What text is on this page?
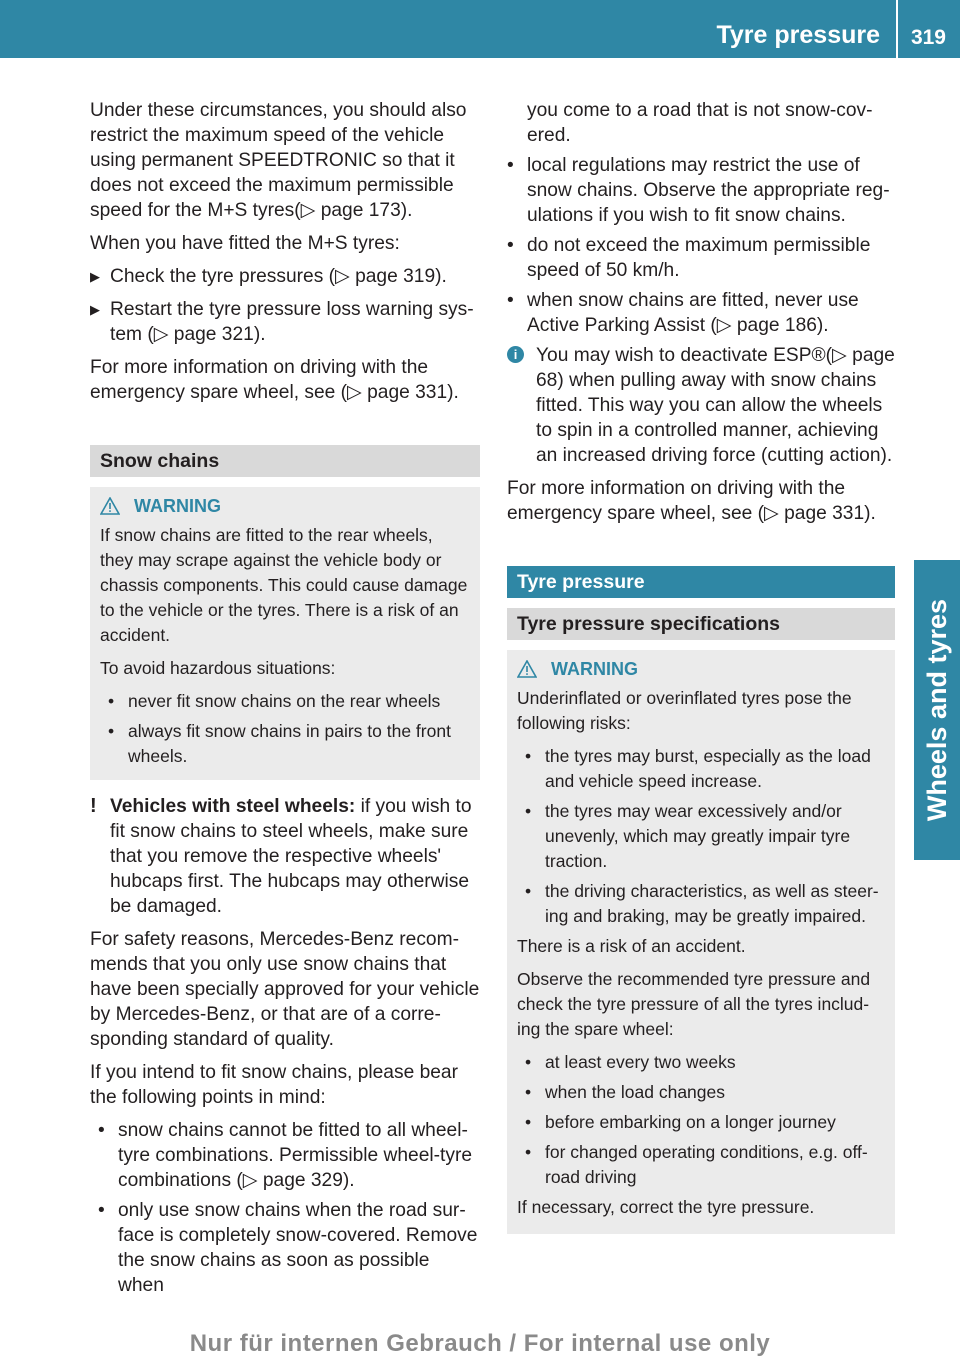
Tyre pressure 319
Wheels and tyres

Under these circumstances, you should also restrict the maximum speed of the vehicle using permanent SPEEDTRONIC so that it does not exceed the maximum permissible speed for the M+S tyres(▷ page 173).

When you have fitted the M+S tyres:

▶ Check the tyre pressures (▷ page 319).
▶ Restart the tyre pressure loss warning system (▷ page 321).

For more information on driving with the emergency spare wheel, see (▷ page 331).

Snow chains
WARNING
If snow chains are fitted to the rear wheels, they may scrape against the vehicle body or chassis components. This could cause damage to the vehicle or the tyres. There is a risk of an accident.
To avoid hazardous situations:
• never fit snow chains on the rear wheels
• always fit snow chains in pairs to the front wheels.
! Vehicles with steel wheels: if you wish to fit snow chains to steel wheels, make sure that you remove the respective wheels' hubcaps first. The hubcaps may otherwise be damaged.

For safety reasons, Mercedes-Benz recommends that you only use snow chains that have been specially approved for your vehicle by Mercedes-Benz, or that are of a corresponding standard of quality.

If you intend to fit snow chains, please bear the following points in mind:

• snow chains cannot be fitted to all wheel-tyre combinations. Permissible wheel-tyre combinations (▷ page 329).
• only use snow chains when the road surface is completely snow-covered. Remove the snow chains as soon as possible when
you come to a road that is not snow-covered.
• local regulations may restrict the use of snow chains. Observe the appropriate regulations if you wish to fit snow chains.
• do not exceed the maximum permissible speed of 50 km/h.
• when snow chains are fitted, never use Active Parking Assist (▷ page 186).
i You may wish to deactivate ESP®(▷ page 68) when pulling away with snow chains fitted. This way you can allow the wheels to spin in a controlled manner, achieving an increased driving force (cutting action).

For more information on driving with the emergency spare wheel, see (▷ page 331).

Tyre pressure
Tyre pressure specifications
WARNING
Underinflated or overinflated tyres pose the following risks:
• the tyres may burst, especially as the load and vehicle speed increase.
• the tyres may wear excessively and/or unevenly, which may greatly impair tyre traction.
• the driving characteristics, as well as steering and braking, may be greatly impaired.
There is a risk of an accident.
Observe the recommended tyre pressure and check the tyre pressure of all the tyres including the spare wheel:
• at least every two weeks
• when the load changes
• before embarking on a longer journey
• for changed operating conditions, e.g. off-road driving
If necessary, correct the tyre pressure.
Nur für internen Gebrauch / For internal use only
